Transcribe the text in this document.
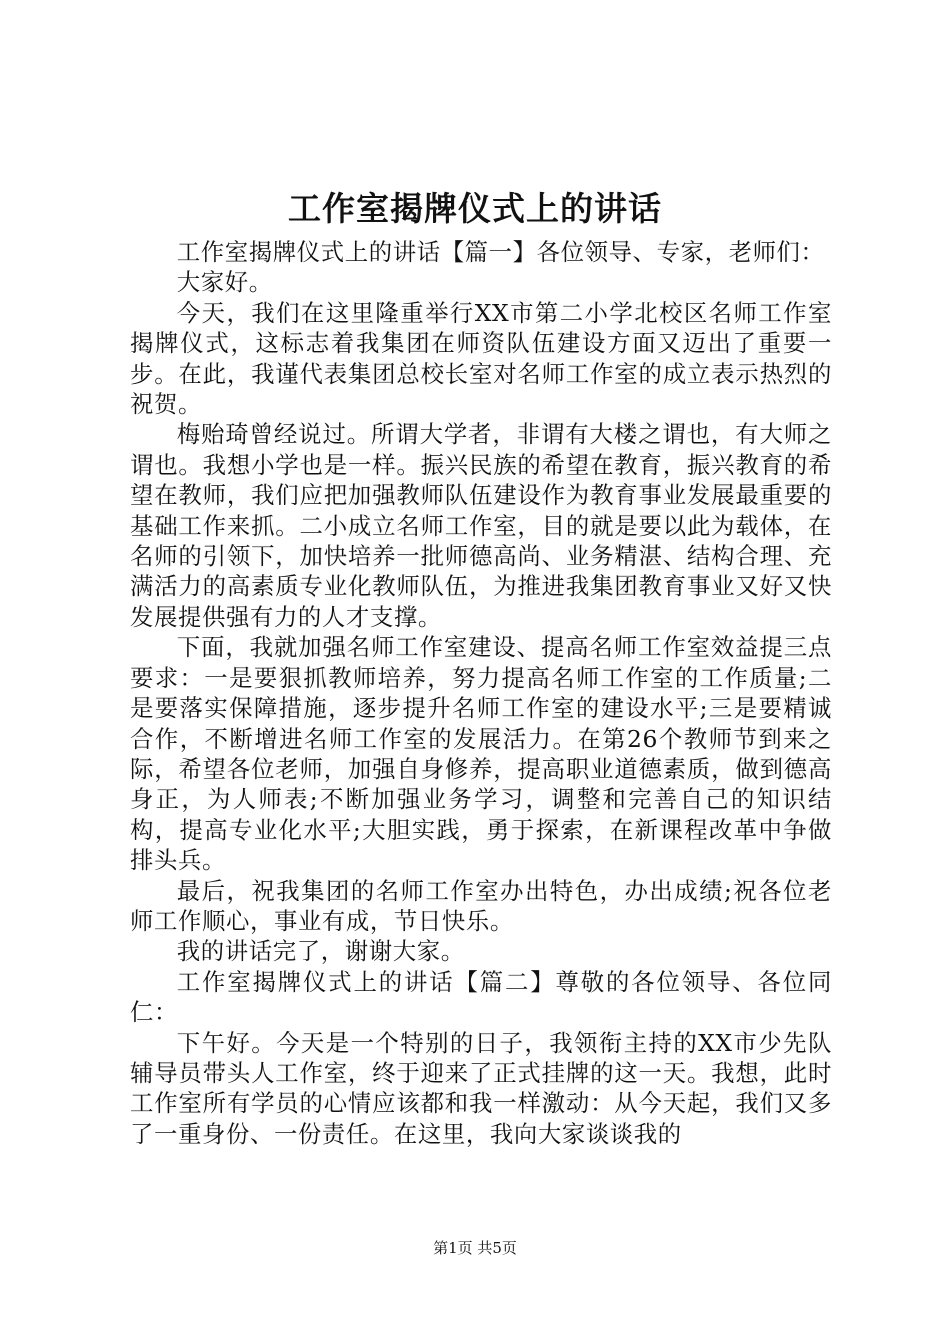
工作室揭牌仪式上的讲话

工作室揭牌仪式上的讲话【篇一】各位领导、专家，老师们：

大家好。

今天，我们在这里隆重举行XX市第二小学北校区名师工作室揭牌仪式，这标志着我集团在师资队伍建设方面又迈出了重要一步。在此，我谨代表集团总校长室对名师工作室的成立表示热烈的祝贺。

梅贻琦曾经说过。所谓大学者，非谓有大楼之谓也，有大师之谓也。我想小学也是一样。振兴民族的希望在教育，振兴教育的希望在教师，我们应把加强教师队伍建设作为教育事业发展最重要的基础工作来抓。二小成立名师工作室，目的就是要以此为载体，在名师的引领下，加快培养一批师德高尚、业务精湛、结构合理、充满活力的高素质专业化教师队伍，为推进我集团教育事业又好又快发展提供强有力的人才支撑。

下面，我就加强名师工作室建设、提高名师工作室效益提三点要求：一是要狠抓教师培养，努力提高名师工作室的工作质量;二是要落实保障措施，逐步提升名师工作室的建设水平;三是要精诚合作，不断增进名师工作室的发展活力。在第26个教师节到来之际，希望各位老师，加强自身修养，提高职业道德素质，做到德高身正，为人师表;不断加强业务学习，调整和完善自己的知识结构，提高专业化水平;大胆实践，勇于探索，在新课程改革中争做排头兵。

最后，祝我集团的名师工作室办出特色，办出成绩;祝各位老师工作顺心，事业有成，节日快乐。

我的讲话完了，谢谢大家。

工作室揭牌仪式上的讲话【篇二】尊敬的各位领导、各位同仁：

下午好。今天是一个特别的日子，我领衔主持的XX市少先队辅导员带头人工作室，终于迎来了正式挂牌的这一天。我想，此时工作室所有学员的心情应该都和我一样激动：从今天起，我们又多了一重身份、一份责任。在这里，我向大家谈谈我的

第1页 共5页
